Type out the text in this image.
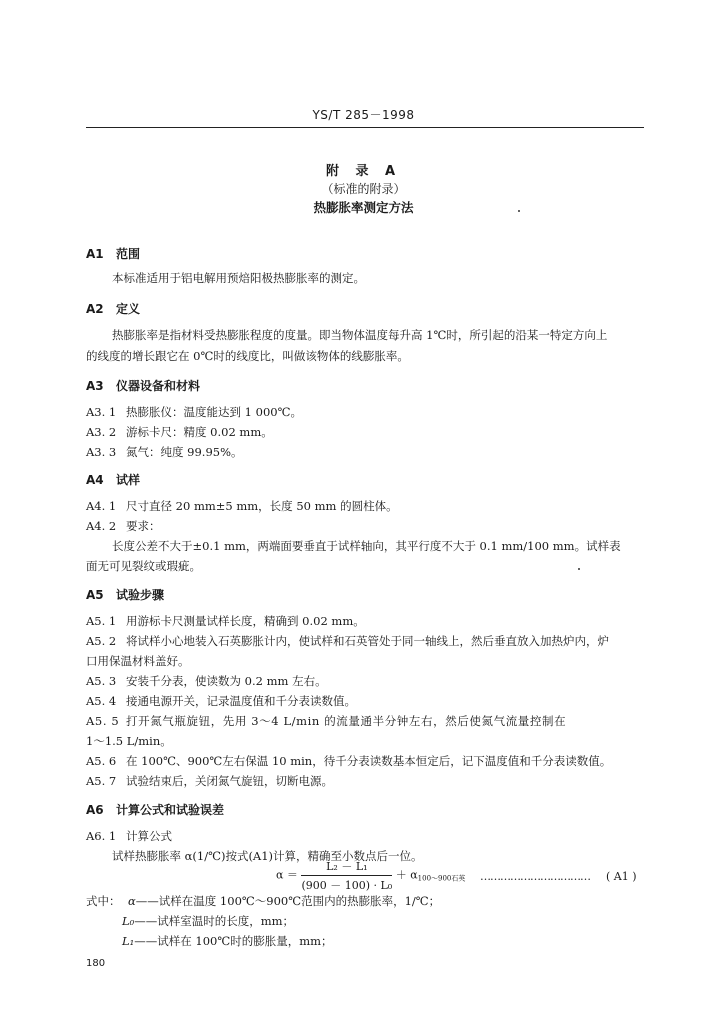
YS/T 285－1998
附 录 A
（标准的附录）
热膨胀率测定方法
A1 范围
本标准适用于铝电解用预焙阳极热膨胀率的测定。
A2 定义
热膨胀率是指材料受热膨胀程度的度量。即当物体温度每升高 1℃时，所引起的沿某一特定方向上
的线度的增长跟它在 0℃时的线度比，叫做该物体的线膨胀率。
A3 仪器设备和材料
A3. 1 热膨胀仪：温度能达到 1 000℃。
A3. 2 游标卡尺：精度 0.02 mm。
A3. 3 氮气：纯度 99.95%。
A4 试样
A4. 1 尺寸直径 20 mm±5 mm，长度 50 mm 的圆柱体。
A4. 2 要求：
长度公差不大于±0.1 mm，两端面要垂直于试样轴向，其平行度不大于 0.1 mm/100 mm。试样表
面无可见裂纹或瑕疵。
A5 试验步骤
A5. 1 用游标卡尺测量试样长度，精确到 0.02 mm。
A5. 2 将试样小心地装入石英膨胀计内，使试样和石英管处于同一轴线上，然后垂直放入加热炉内，炉
口用保温材料盖好。
A5. 3 安装千分表，使读数为 0.2 mm 左右。
A5. 4 接通电源开关，记录温度值和千分表读数值。
A5. 5 打开氮气瓶旋钮，先用 3～4 L/min 的流量通半分钟左右，然后使氮气流量控制在
1～1.5 L/min。
A5. 6 在 100℃、900℃左右保温 10 min，待千分表读数基本恒定后，记下温度值和千分表读数值。
A5. 7 试验结束后，关闭氮气旋钮，切断电源。
A6 计算公式和试验误差
A6. 1 计算公式
试样热膨胀率 α(1/℃)按式(A1)计算，精确至小数点后一位。
$\alpha = \frac{\text{L₂ － L₁}}{\text{(900 － 100) · L₀}} + \alpha_{100\sim 900石英}$ …………………………… ( A1 )
式中： α——试样在温度 100℃～900℃范围内的热膨胀率，1/℃；
L₀——试样室温时的长度，mm；
L₁——试样在 100℃时的膨胀量，mm；
180
